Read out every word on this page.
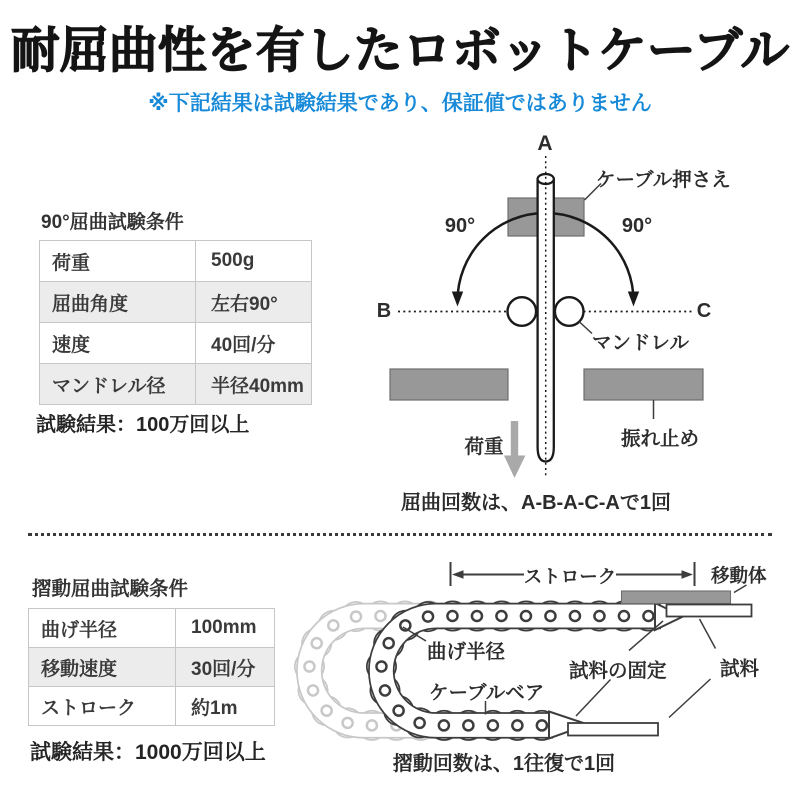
耐屈曲性を有したロボットケーブル
※下記結果は試験結果であり、保証値ではありません
90°屈曲試験条件
荷重	500g
屈曲角度	左右90°
速度	40回/分
マンドレル径	半径40mm
試験結果：100万回以上
A
ケーブル押さえ
90°	90°
B	C
マンドレル
振れ止め
荷重
屈曲回数は、A-B-A-C-Aで1回
摺動屈曲試験条件
曲げ半径	100mm
移動速度	30回/分
ストローク	約1m
試験結果：1000万回以上
ストローク	移動体
曲げ半径
ケーブルベア
試料の固定	試料
摺動回数は、1往復で1回
